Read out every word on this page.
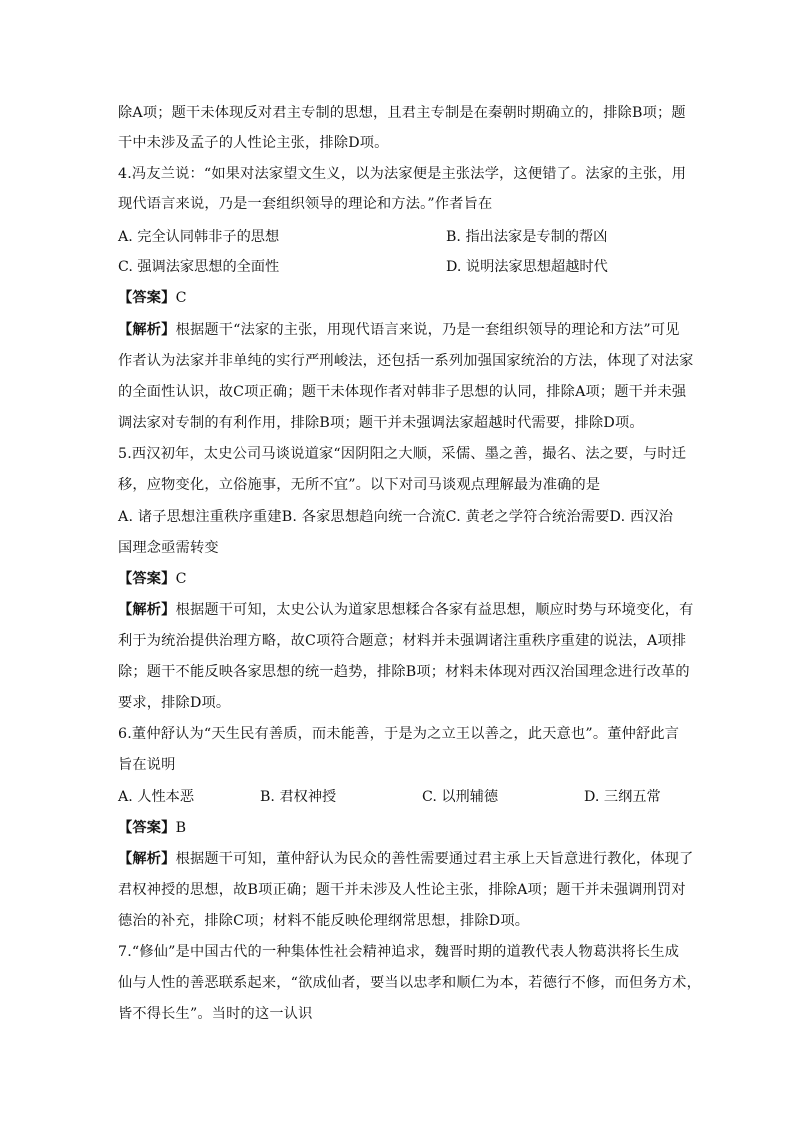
除A项；题干未体现反对君主专制的思想，且君主专制是在秦朝时期确立的，排除B项；题
干中未涉及孟子的人性论主张，排除D项。
4.冯友兰说：“如果对法家望文生义，以为法家便是主张法学，这便错了。法家的主张，用
现代语言来说，乃是一套组织领导的理论和方法。”作者旨在
A. 完全认同韩非子的思想	B. 指出法家是专制的帮凶
C. 强调法家思想的全面性	D. 说明法家思想超越时代
【答案】C
【解析】根据题干“法家的主张，用现代语言来说，乃是一套组织领导的理论和方法”可见
作者认为法家并非单纯的实行严刑峻法，还包括一系列加强国家统治的方法，体现了对法家
的全面性认识，故C项正确；题干未体现作者对韩非子思想的认同，排除A项；题干并未强
调法家对专制的有利作用，排除B项；题干并未强调法家超越时代需要，排除D项。
5.西汉初年，太史公司马谈说道家“因阴阳之大顺，采儒、墨之善，撮名、法之要，与时迁
移，应物变化，立俗施事，无所不宜”。以下对司马谈观点理解最为准确的是
A. 诸子思想注重秩序重建B. 各家思想趋向统一合流C. 黄老之学符合统治需要D. 西汉治
国理念亟需转变
【答案】C
【解析】根据题干可知，太史公认为道家思想糅合各家有益思想，顺应时势与环境变化，有
利于为统治提供治理方略，故C项符合题意；材料并未强调诸注重秩序重建的说法，A项排
除；题干不能反映各家思想的统一趋势，排除B项；材料未体现对西汉治国理念进行改革的
要求，排除D项。
6.董仲舒认为“天生民有善质，而未能善，于是为之立王以善之，此天意也”。董仲舒此言
旨在说明
A. 人性本恶	B. 君权神授	C. 以刑辅德	D. 三纲五常
【答案】B
【解析】根据题干可知，董仲舒认为民众的善性需要通过君主承上天旨意进行教化，体现了
君权神授的思想，故B项正确；题干并未涉及人性论主张，排除A项；题干并未强调刑罚对
德治的补充，排除C项；材料不能反映伦理纲常思想，排除D项。
7.“修仙”是中国古代的一种集体性社会精神追求，魏晋时期的道教代表人物葛洪将长生成
仙与人性的善恶联系起来，“欲成仙者，要当以忠孝和顺仁为本，若德行不修，而但务方术，
皆不得长生”。当时的这一认识
